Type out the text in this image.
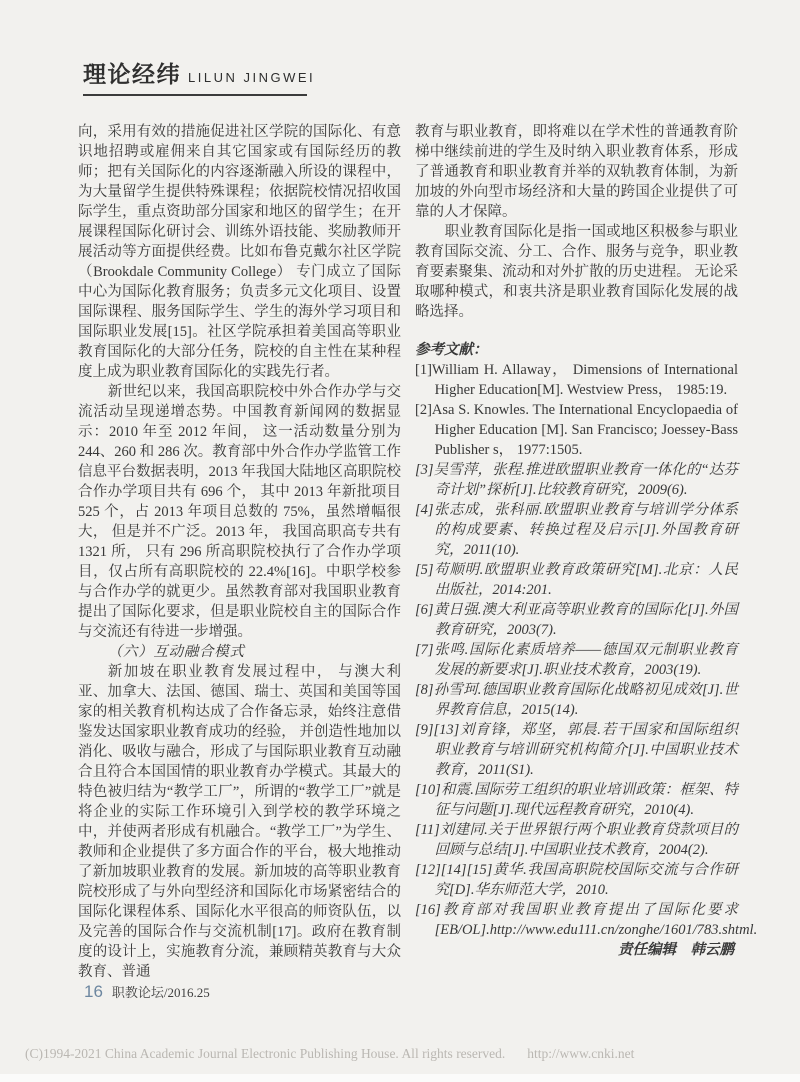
理论经纬 LILUN JINGWEI

向，采用有效的措施促进社区学院的国际化、有意识地招聘或雇佣来自其它国家或有国际经历的教师；把有关国际化的内容逐渐融入所设的课程中，为大量留学生提供特殊课程；依据院校情况招收国际学生，重点资助部分国家和地区的留学生；在开展课程国际化研讨会、训练外语技能、奖励教师开展活动等方面提供经费。比如布鲁克戴尔社区学院（Brookdale Community College） 专门成立了国际中心为国际化教育服务；负责多元文化项目、设置国际课程、服务国际学生、学生的海外学习项目和国际职业发展[15]。社区学院承担着美国高等职业教育国际化的大部分任务，院校的自主性在某种程度上成为职业教育国际化的实践先行者。

新世纪以来，我国高职院校中外合作办学与交流活动呈现递增态势。中国教育新闻网的数据显示：2010 年至 2012 年间， 这一活动数量分别为 244、260 和 286 次。教育部中外合作办学监管工作信息平台数据表明，2013 年我国大陆地区高职院校合作办学项目共有 696 个， 其中 2013 年新批项目 525 个，占 2013 年项目总数的 75%，虽然增幅很大， 但是并不广泛。2013 年， 我国高职高专共有 1321 所， 只有 296 所高职院校执行了合作办学项目，仅占所有高职院校的 22.4%[16]。中职学校参与合作办学的就更少。虽然教育部对我国职业教育提出了国际化要求，但是职业院校自主的国际合作与交流还有待进一步增强。

（六）互动融合模式

新加坡在职业教育发展过程中， 与澳大利亚、加拿大、法国、德国、瑞士、英国和美国等国家的相关教育机构达成了合作备忘录，始终注意借鉴发达国家职业教育成功的经验， 并创造性地加以消化、吸收与融合，形成了与国际职业教育互动融合且符合本国国情的职业教育办学模式。其最大的特色被归结为“教学工厂”，所谓的“教学工厂”就是将企业的实际工作环境引入到学校的教学环境之中，并使两者形成有机融合。“教学工厂”为学生、教师和企业提供了多方面合作的平台，极大地推动了新加坡职业教育的发展。新加坡的高等职业教育院校形成了与外向型经济和国际化市场紧密结合的国际化课程体系、国际化水平很高的师资队伍，以及完善的国际合作与交流机制[17]。政府在教育制度的设计上，实施教育分流，兼顾精英教育与大众教育、普通

教育与职业教育，即将难以在学术性的普通教育阶梯中继续前进的学生及时纳入职业教育体系，形成了普通教育和职业教育并举的双轨教育体制，为新加坡的外向型市场经济和大量的跨国企业提供了可靠的人才保障。

职业教育国际化是指一国或地区积极参与职业教育国际交流、分工、合作、服务与竞争，职业教育要素聚集、流动和对外扩散的历史进程。 无论采取哪种模式，和衷共济是职业教育国际化发展的战略选择。

参考文献：

[1]William H. Allaway， Dimensions of International Higher Education[M]. Westview Press， 1985:19.

[2]Asa S. Knowles. The International Encyclopaedia of Higher Education [M]. San Francisco; Joessey-Bass Publisher s， 1977:1505.

[3]吴雪萍，张程.推进欧盟职业教育一体化的“达芬奇计划”探析[J].比较教育研究，2009(6).

[4]张志成，张科丽.欧盟职业教育与培训学分体系的构成要素、转换过程及启示[J].外国教育研究，2011(10).

[5]苟顺明.欧盟职业教育政策研究[M].北京：人民出版社，2014:201.

[6]黄日强.澳大利亚高等职业教育的国际化[J].外国教育研究，2003(7).

[7]张鸣.国际化素质培养——德国双元制职业教育发展的新要求[J].职业技术教育，2003(19).

[8]孙雪珂.德国职业教育国际化战略初见成效[J].世界教育信息，2015(14).

[9][13]刘育锋，郑坚，郭晨.若干国家和国际组织职业教育与培训研究机构简介[J].中国职业技术教育，2011(S1).

[10]和震.国际劳工组织的职业培训政策：框架、特征与问题[J].现代远程教育研究，2010(4).

[11]刘建同.关于世界银行两个职业教育贷款项目的回顾与总结[J].中国职业技术教育，2004(2).

[12][14][15]黄华.我国高职院校国际交流与合作研究[D].华东师范大学，2010.

[16]教育部对我国职业教育提出了国际化要求[EB/OL].http://www.edu111.cn/zonghe/1601/783.shtml.

责任编辑　韩云鹏

16 职教论坛/2016.25
(C)1994-2021 China Academic Journal Electronic Publishing House. All rights reserved. http://www.cnki.net
